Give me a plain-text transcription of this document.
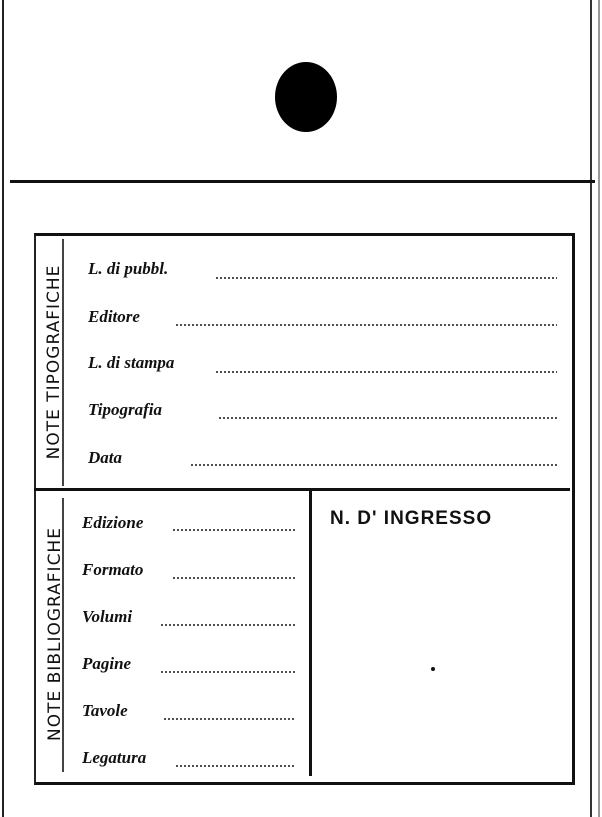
NOTE TIPOGRAFICHE
NOTE BIBLIOGRAFICHE
L. di pubbl.
Editore
L. di stampa
Tipografia
Data
Edizione
Formato
Volumi
Pagine
Tavole
Legatura
N. D' INGRESSO
